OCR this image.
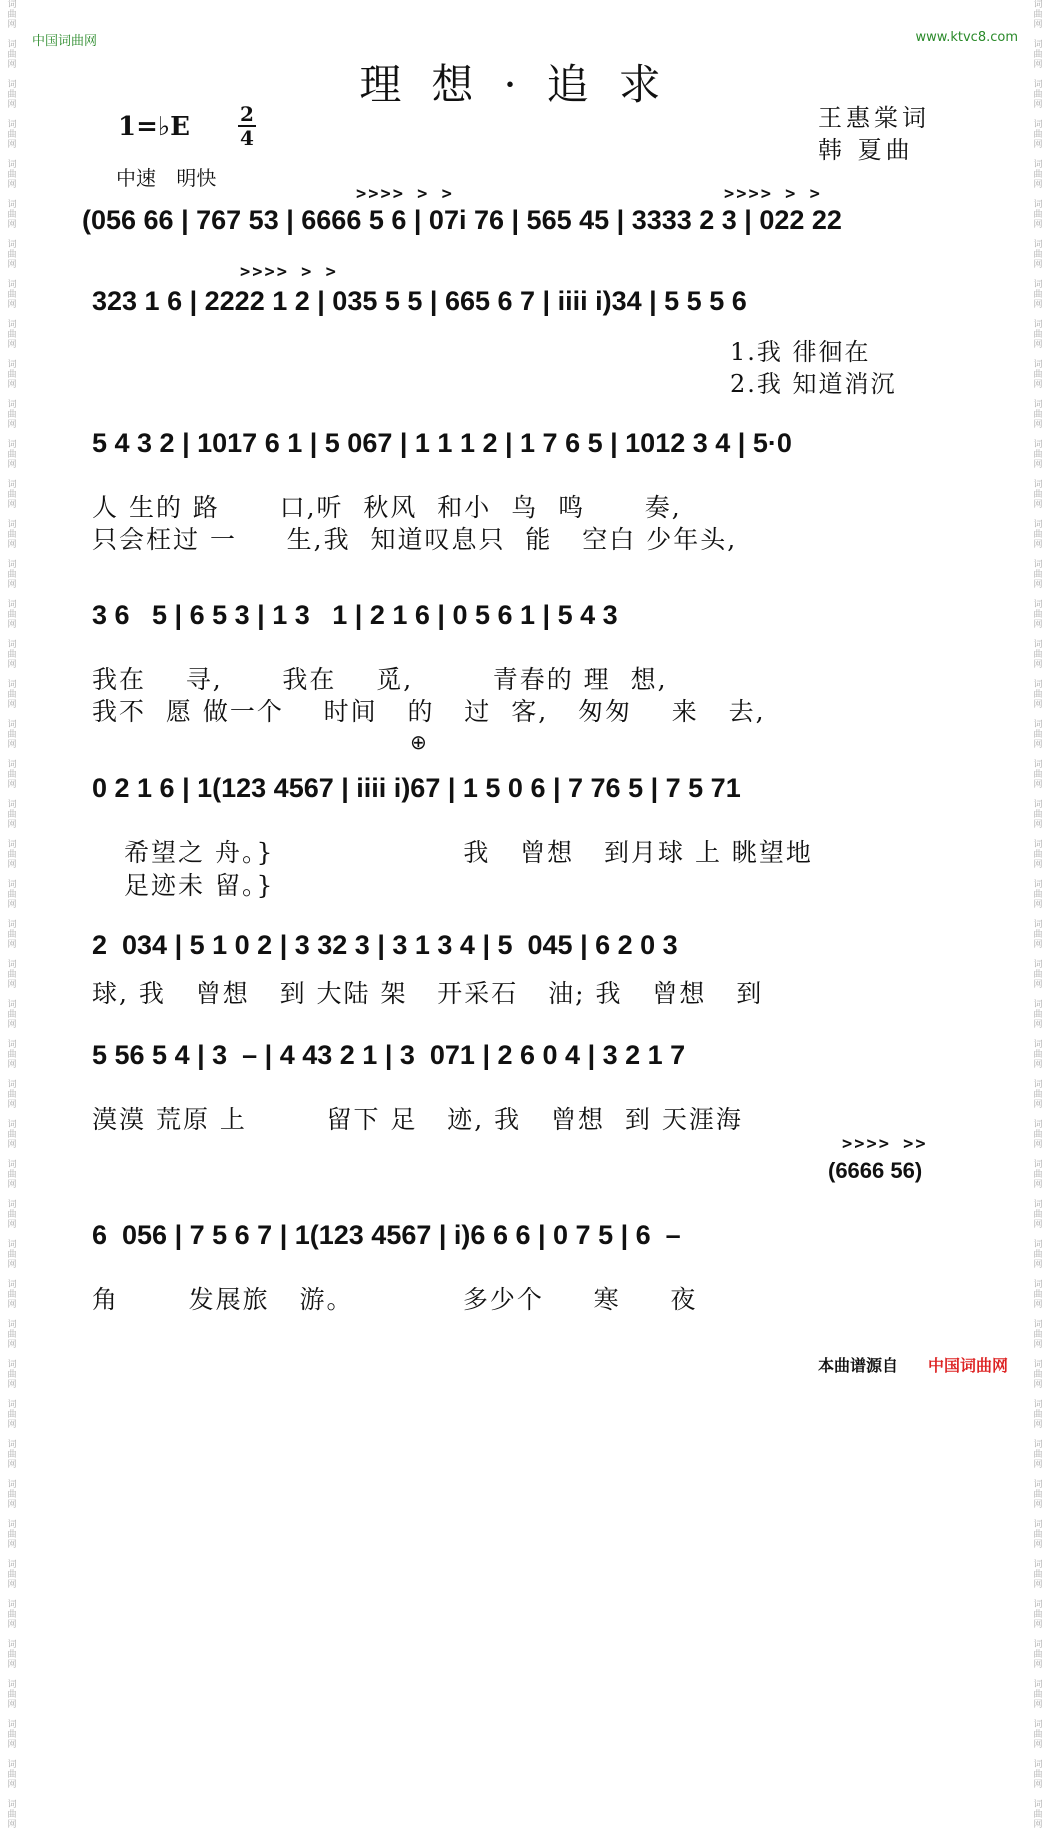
词
曲
网

词
曲
网

词
曲
网

词
曲
网

词
曲
网

词
曲
网

词
曲
网

词
曲
网

词
曲
网

词
曲
网

词
曲
网

词
曲
网

词
曲
网

词
曲
网

词
曲
网

词
曲
网

词
曲
网

词
曲
网

词
曲
网

词
曲
网

词
曲
网

词
曲
网

词
曲
网

词
曲
网

词
曲
网

词
曲
网

词
曲
网

词
曲
网

词
曲
网

词
曲
网

词
曲
网

词
曲
网

词
曲
网

词
曲
网

词
曲
网

词
曲
网

词
曲
网

词
曲
网

词
曲
网

词
曲
网

词
曲
网

词
曲
网

词
曲
网

词
曲
网

词
曲
网

词
曲
网
词
曲
网

词
曲
网

词
曲
网

词
曲
网

词
曲
网

词
曲
网

词
曲
网

词
曲
网

词
曲
网

词
曲
网

词
曲
网

词
曲
网

词
曲
网

词
曲
网

词
曲
网

词
曲
网

词
曲
网

词
曲
网

词
曲
网

词
曲
网

词
曲
网

词
曲
网

词
曲
网

词
曲
网

词
曲
网

词
曲
网

词
曲
网

词
曲
网

词
曲
网

词
曲
网

词
曲
网

词
曲
网

词
曲
网

词
曲
网

词
曲
网

词
曲
网

词
曲
网

词
曲
网

词
曲
网

词
曲
网

词
曲
网

词
曲
网

词
曲
网

词
曲
网

词
曲
网

词
曲
网
中国词曲网	www.ktvc8.com
理想·追求
1=♭E	2
4
王惠棠词
韩 夏曲
中速 明快
>>>> > >	>>>> > >
>>>> > >
>>>> >>
(056 66 | 767 53 | 6666 5 6 | 07i 76 | 565 45 | 3333 2 3 | 022 22
323 1 6 | 2222 1 2 | 035 5 5 | 665 6 7 | iiii i)34 | 5 5 5 6
1.我 徘徊在
2.我 知道消沉
5 4 3 2 | 1017 6 1 | 5 067 | 1 1 1 2 | 1 7 6 5 | 1012 3 4 | 5·0
人 生的 路      口,听  秋风  和小  鸟  鸣      奏,
只会枉过 一     生,我  知道叹息只  能   空白 少年头,
3 6   5 | 6 5 3 | 1 3   1 | 2 1 6 | 0 5 6 1 | 5 4 3
我在    寻,      我在    觅,        青春的 理  想,
我不  愿 做一个    时间   的   过  客,   匆匆    来   去,
⊕
0 2 1 6 | 1(123 4567 | iiii i)67 | 1 5 0 6 | 7 76 5 | 7 5 71
希望之 舟。}                   我   曾想   到月球 上 眺望地
足迹未 留。}
2  034 | 5 1 0 2 | 3 32 3 | 3 1 3 4 | 5  045 | 6 2 0 3
球, 我   曾想   到 大陆 架   开采石   油; 我   曾想   到
5 56 5 4 | 3  – | 4 43 2 1 | 3  071 | 2 6 0 4 | 3 2 1 7
漠漠 荒原 上        留下 足   迹, 我   曾想  到 天涯海
(6666 56)
6  056 | 7 5 6 7 | 1(123 4567 | i)6 6 6 | 0 7 5 | 6  –
角       发展旅   游。           多少个     寒     夜
本曲谱源自 中国词曲网
